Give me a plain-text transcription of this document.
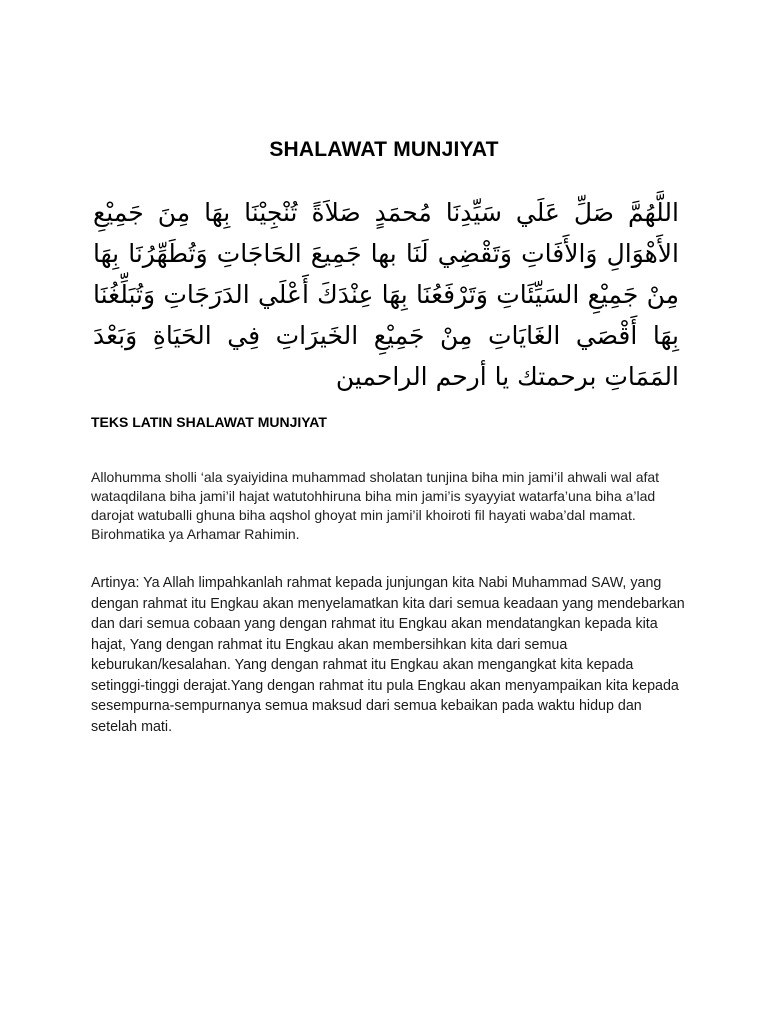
SHALAWAT MUNJIYAT
اللَّهُمَّ صَلِّ عَلَي سَيِّدِنَا مُحمَدٍ صَلاَةً تُنْجِيْنَا بِهَا مِنَ جَمِيْعِ الأَهْوَالِ وَالأَفَاتِ وَتَقْضِي لَنَا بها جَمِيعَ الحَاجَاتِ وَتُطَهِّرُنَا بِهَا مِنْ جَمِيْعِ السَيِّئَاتِ وَتَرْفَعُنَا بِهَا عِنْدَكَ أَعْلَي الدَرَجَاتِ وَتُبَلِّغُنَا بِهَا أَقْصَي الغَايَاتِ مِنْ جَمِيْعِ الخَيرَاتِ فِي الحَيَاةِ وَبَعْدَ المَمَاتِ برحمتك يا أرحم الراحمين
TEKS LATIN SHALAWAT MUNJIYAT

Allohumma sholli ‘ala syaiyidina muhammad sholatan tunjina biha min jami’il ahwali wal afat wataqdilana biha jami’il hajat watutohhiruna biha min jami’is syayyiat watarfa’una biha a’lad darojat watuballi ghuna biha aqshol ghoyat min jami’il khoiroti fil hayati waba’dal mamat. Birohmatika ya Arhamar Rahimin.

Artinya: Ya Allah limpahkanlah rahmat kepada junjungan kita Nabi Muhammad SAW, yang dengan rahmat itu Engkau akan menyelamatkan kita dari semua keadaan yang mendebarkan dan dari semua cobaan yang dengan rahmat itu Engkau akan mendatangkan kepada kita hajat, Yang dengan rahmat itu Engkau akan membersihkan kita dari semua keburukan/kesalahan. Yang dengan rahmat itu Engkau akan mengangkat kita kepada setinggi-tinggi derajat.Yang dengan rahmat itu pula Engkau akan menyampaikan kita kepada sesempurna-sempurnanya semua maksud dari semua kebaikan pada waktu hidup dan setelah mati.
